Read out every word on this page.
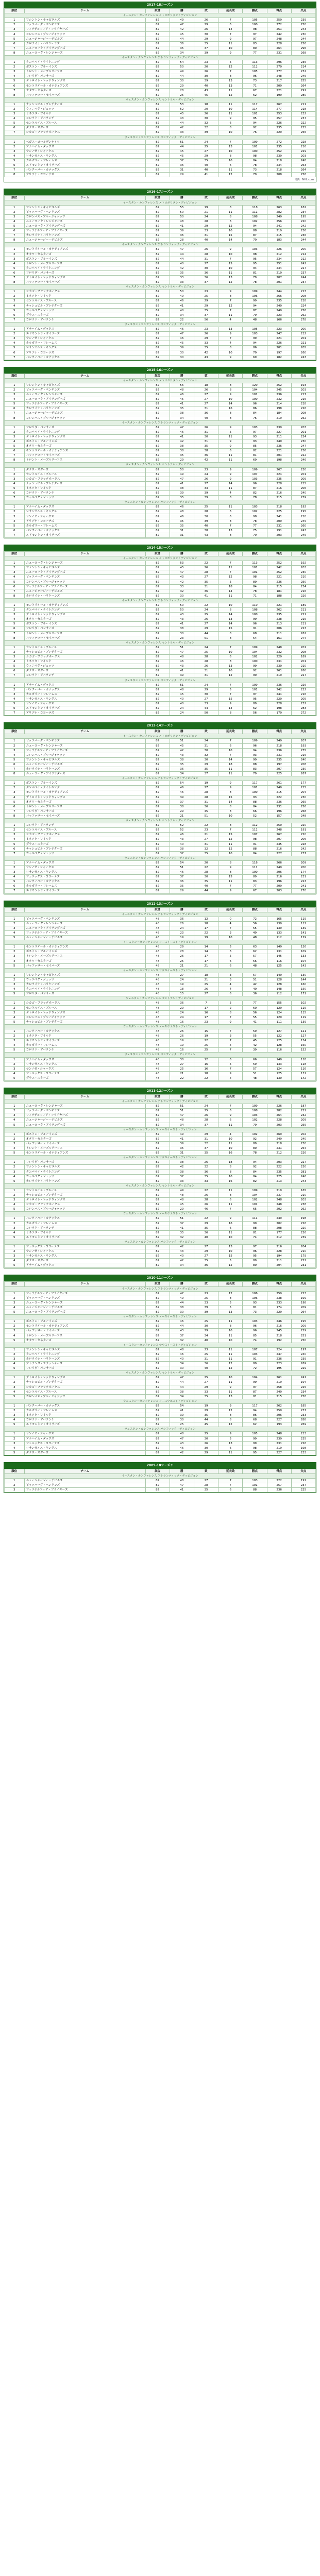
2017-18シーズン
順位	チーム	試合	勝	敗	延長敗	勝点	得点	失点
イースタン・カンファレンス メトロポリタン・ディビジョン								
1	ワシントン・キャピタルズ	82	49	26	7	105	259	239
2	ピッツバーグ・ペンギンズ	82	47	29	6	100	272	250
3	フィラデルフィア・フライヤーズ	82	42	26	14	98	251	243
4	コロンバス・ブルージャケッツ	82	45	30	7	97	242	230
5	ニュージャージー・デビルズ	82	44	29	9	97	248	244
6	カロライナ・ハリケーンズ	82	36	35	11	83	228	256
7	ニューヨーク・アイランダーズ	82	35	37	10	80	264	296
8	ニューヨーク・レンジャーズ	82	34	39	9	77	231	268
イースタン・カンファレンス アトランティック・ディビジョン								
1	タンパベイ・ライトニング	82	54	23	5	113	296	236
2	ボストン・ブルーインズ	82	50	20	12	112	270	214
3	トロント・メープルリーフス	82	49	26	7	105	277	232
4	フロリダ・パンサーズ	82	44	30	8	96	248	246
5	デトロイト・レッドウィングス	82	30	39	13	73	217	255
6	モントリオール・カナディアンズ	82	29	40	13	71	209	264
7	オタワ・セネターズ	82	28	43	11	67	221	291
8	バッファロー・セイバーズ	82	25	45	12	62	199	280
ウェスタン・カンファレンス セントラル・ディビジョン								
1	ナッシュビル・プレデターズ	82	53	18	11	117	267	211
2	ウィニペグ・ジェッツ	82	52	20	10	114	277	218
3	ミネソタ・ワイルド	82	45	26	11	101	253	232
4	コロラド・アバランチ	82	43	30	9	95	257	237
5	セントルイス・ブルース	82	44	32	6	94	226	222
6	ダラス・スターズ	82	42	32	8	92	235	225
7	シカゴ・ブラックホークス	82	33	39	10	76	229	256
ウェスタン・カンファレンス パシフィック・ディビジョン								
1	ベガス・ゴールデンナイツ	82	51	24	7	109	272	228
2	アナハイム・ダックス	82	44	25	13	101	235	216
3	サンノゼ・シャークス	82	45	27	10	100	252	229
4	ロサンゼルス・キングス	82	45	29	8	98	239	203
5	カルガリー・フレームス	82	37	35	10	84	218	248
6	エドモントン・オイラーズ	82	36	40	6	78	234	263
7	バンクーバー・カナックス	82	31	40	11	73	218	264
8	アリゾナ・コヨーテズ	82	29	41	12	70	208	256
出典：NHL.com
2016-17シーズン
順位	チーム	試合	勝	敗	延長敗	勝点	得点	失点
イースタン・カンファレンス メトロポリタン・ディビジョン								
1	ワシントン・キャピタルズ	82	55	19	8	118	263	182
2	ピッツバーグ・ペンギンズ	82	50	21	11	111	282	234
3	コロンバス・ブルージャケッツ	82	50	24	8	108	249	195
4	ニューヨーク・レンジャーズ	82	48	28	6	102	256	220
5	ニューヨーク・アイランダーズ	82	41	29	12	94	241	242
6	フィラデルフィア・フライヤーズ	82	39	33	10	88	219	236
7	カロライナ・ハリケーンズ	82	36	31	15	87	215	236
8	ニュージャージー・デビルズ	82	28	40	14	70	183	244
イースタン・カンファレンス アトランティック・ディビジョン								
1	モントリオール・カナディアンズ	82	47	26	9	103	226	200
2	オタワ・セネターズ	82	44	28	10	98	212	214
3	ボストン・ブルーインズ	82	44	31	7	95	234	212
4	トロント・メープルリーフス	82	40	27	15	95	251	242
5	タンパベイ・ライトニング	82	42	30	10	94	234	227
6	フロリダ・パンサーズ	82	35	36	11	81	210	237
7	デトロイト・レッドウィングス	82	33	36	13	79	207	244
8	バッファロー・セイバーズ	82	33	37	12	78	201	237
ウェスタン・カンファレンス セントラル・ディビジョン								
1	シカゴ・ブラックホークス	82	50	23	9	109	244	213
2	ミネソタ・ワイルド	82	49	25	8	106	266	208
3	セントルイス・ブルース	82	46	29	7	99	235	218
4	ナッシュビル・プレデターズ	82	41	29	12	94	240	224
5	ウィニペグ・ジェッツ	82	40	35	7	87	249	256
6	ダラス・スターズ	82	34	37	11	79	223	262
7	コロラド・アバランチ	82	22	56	4	48	166	278
ウェスタン・カンファレンス パシフィック・ディビジョン								
1	アナハイム・ダックス	82	46	23	13	105	223	200
2	エドモントン・オイラーズ	82	47	26	9	103	247	212
3	サンノゼ・シャークス	82	46	29	7	99	221	201
4	カルガリー・フレームス	82	45	33	4	94	226	221
5	ロサンゼルス・キングス	82	39	35	8	86	201	205
6	アリゾナ・コヨーテズ	82	30	42	10	70	197	260
7	バンクーバー・カナックス	82	30	43	9	69	182	243
2015-16シーズン
順位	チーム	試合	勝	敗	延長敗	勝点	得点	失点
イースタン・カンファレンス メトロポリタン・ディビジョン								
1	ワシントン・キャピタルズ	82	56	18	8	120	252	193
2	ピッツバーグ・ペンギンズ	82	48	26	8	104	245	203
3	ニューヨーク・レンジャーズ	82	46	27	9	101	236	217
4	ニューヨーク・アイランダーズ	82	45	27	10	100	232	216
5	フィラデルフィア・フライヤーズ	82	41	27	14	96	214	218
6	カロライナ・ハリケーンズ	82	35	31	16	86	198	226
7	ニュージャージー・デビルズ	82	38	36	8	84	184	208
8	コロンバス・ブルージャケッツ	82	34	40	8	76	219	252
イースタン・カンファレンス アトランティック・ディビジョン								
1	フロリダ・パンサーズ	82	47	26	9	103	239	203
2	タンパベイ・ライトニング	82	46	31	5	97	227	201
3	デトロイト・レッドウィングス	82	41	30	11	93	211	224
4	ボストン・ブルーインズ	82	42	31	9	93	240	230
5	オタワ・セネターズ	82	38	35	9	85	236	247
6	モントリオール・カナディアンズ	82	38	38	6	82	221	236
7	バッファロー・セイバーズ	82	35	36	11	81	201	222
8	トロント・メープルリーフス	82	29	42	11	69	198	246
ウェスタン・カンファレンス セントラル・ディビジョン								
1	ダラス・スターズ	82	50	23	9	109	267	230
2	セントルイス・ブルース	82	49	24	9	107	224	201
3	シカゴ・ブラックホークス	82	47	26	9	103	235	209
4	ナッシュビル・プレデターズ	82	41	27	14	96	228	215
5	ミネソタ・ワイルド	82	38	33	11	87	216	206
6	コロラド・アバランチ	82	39	39	4	82	216	240
7	ウィニペグ・ジェッツ	82	35	39	8	78	215	239
ウェスタン・カンファレンス パシフィック・ディビジョン								
1	アナハイム・ダックス	82	46	25	11	103	218	192
2	ロサンゼルス・キングス	82	48	28	6	102	225	195
3	サンノゼ・シャークス	82	46	30	6	98	241	210
4	アリゾナ・コヨーテズ	82	35	39	8	78	209	245
5	カルガリー・フレームス	82	35	40	7	77	231	260
6	バンクーバー・カナックス	82	31	38	13	75	191	243
7	エドモントン・オイラーズ	82	31	43	8	70	203	245
2014-15シーズン
順位	チーム	試合	勝	敗	延長敗	勝点	得点	失点
イースタン・カンファレンス メトロポリタン・ディビジョン								
1	ニューヨーク・レンジャーズ	82	53	22	7	113	252	192
2	ワシントン・キャピタルズ	82	45	26	11	101	242	203
3	ニューヨーク・アイランダーズ	82	47	28	7	101	252	230
4	ピッツバーグ・ペンギンズ	82	43	27	12	98	221	210
5	コロンバス・ブルージャケッツ	82	42	35	5	89	236	250
6	フィラデルフィア・フライヤーズ	82	33	31	18	84	215	234
7	ニュージャージー・デビルズ	82	32	36	14	78	181	216
8	カロライナ・ハリケーンズ	82	30	41	11	71	188	226
イースタン・カンファレンス アトランティック・ディビジョン								
1	モントリオール・カナディアンズ	82	50	22	10	110	221	189
2	タンパベイ・ライトニング	82	50	24	8	108	262	211
3	デトロイト・レッドウィングス	82	43	25	14	100	235	221
4	オタワ・セネターズ	82	43	26	13	99	238	215
5	ボストン・ブルーインズ	82	41	27	14	96	213	211
6	フロリダ・パンサーズ	82	38	29	15	91	206	223
7	トロント・メープルリーフス	82	30	44	8	68	211	262
8	バッファロー・セイバーズ	82	23	51	8	54	161	274
ウェスタン・カンファレンス セントラル・ディビジョン								
1	セントルイス・ブルース	82	51	24	7	109	248	201
2	ナッシュビル・プレデターズ	82	47	25	10	104	232	208
3	シカゴ・ブラックホークス	82	48	28	6	102	229	189
4	ミネソタ・ワイルド	82	46	28	8	100	231	201
5	ウィニペグ・ジェッツ	82	43	26	13	99	230	210
6	ダラス・スターズ	82	41	31	10	92	261	260
7	コロラド・アバランチ	82	39	31	12	90	219	227
ウェスタン・カンファレンス パシフィック・ディビジョン								
1	アナハイム・ダックス	82	51	24	7	109	236	226
2	バンクーバー・カナックス	82	48	29	5	101	242	222
3	カルガリー・フレームス	82	45	30	7	97	241	216
4	ロサンゼルス・キングス	82	40	27	15	95	220	205
5	サンノゼ・シャークス	82	40	33	9	89	228	232
6	エドモントン・オイラーズ	82	24	44	14	62	198	283
7	アリゾナ・コヨーテズ	82	24	50	8	56	170	272
2013-14シーズン
順位	チーム	試合	勝	敗	延長敗	勝点	得点	失点
イースタン・カンファレンス メトロポリタン・ディビジョン								
1	ピッツバーグ・ペンギンズ	82	51	24	7	109	249	207
2	ニューヨーク・レンジャーズ	82	45	31	6	96	218	193
3	フィラデルフィア・フライヤーズ	82	42	30	10	94	236	235
4	コロンバス・ブルージャケッツ	82	43	32	7	93	231	216
5	ワシントン・キャピタルズ	82	38	30	14	90	235	240
6	ニュージャージー・デビルズ	82	35	29	18	88	197	208
7	カロライナ・ハリケーンズ	82	36	35	11	83	207	230
8	ニューヨーク・アイランダーズ	82	34	37	11	79	225	267
イースタン・カンファレンス アトランティック・ディビジョン								
1	ボストン・ブルーインズ	82	54	19	9	117	261	177
2	タンパベイ・ライトニング	82	46	27	9	101	240	215
3	モントリオール・カナディアンズ	82	46	28	8	100	215	204
4	デトロイト・レッドウィングス	82	39	28	15	93	222	230
5	オタワ・セネターズ	82	37	31	14	88	236	265
6	トロント・メープルリーフス	82	38	36	8	84	231	256
7	フロリダ・パンサーズ	82	29	45	8	66	196	268
8	バッファロー・セイバーズ	82	21	51	10	52	157	248
ウェスタン・カンファレンス セントラル・ディビジョン								
1	コロラド・アバランチ	82	52	22	8	112	250	220
2	セントルイス・ブルース	82	52	23	7	111	248	191
3	シカゴ・ブラックホークス	82	46	21	15	107	267	220
4	ミネソタ・ワイルド	82	43	27	12	98	207	206
5	ダラス・スターズ	82	40	31	11	91	235	228
6	ナッシュビル・プレデターズ	82	38	32	12	88	216	242
7	ウィニペグ・ジェッツ	82	37	35	10	84	227	237
ウェスタン・カンファレンス パシフィック・ディビジョン								
1	アナハイム・ダックス	82	54	20	8	116	266	209
2	サンノゼ・シャークス	82	51	22	9	111	249	200
3	ロサンゼルス・キングス	82	46	28	8	100	206	174
4	フェニックス・コヨーテズ	82	37	30	15	89	216	231
5	バンクーバー・カナックス	82	36	35	11	83	196	223
6	カルガリー・フレームス	82	35	40	7	77	209	241
7	エドモントン・オイラーズ	82	29	44	9	67	203	270
2012-13シーズン
順位	チーム	試合	勝	敗	延長敗	勝点	得点	失点
イースタン・カンファレンス アトランティック・ディビジョン								
1	ピッツバーグ・ペンギンズ	48	36	12	0	72	165	119
2	ニューヨーク・レンジャーズ	48	26	18	4	56	130	112
3	ニューヨーク・アイランダーズ	48	24	17	7	55	139	139
4	フィラデルフィア・フライヤーズ	48	23	22	3	49	133	141
5	ニュージャージー・デビルズ	48	19	19	10	48	112	129
イースタン・カンファレンス ノースイースト・ディビジョン								
1	モントリオール・カナディアンズ	48	29	14	5	63	149	126
2	ボストン・ブルーインズ	48	28	14	6	62	131	109
3	トロント・メープルリーフス	48	26	17	5	57	145	133
4	オタワ・セネターズ	48	25	17	6	56	116	104
5	バッファロー・セイバーズ	48	21	21	6	48	125	143
イースタン・カンファレンス サウスイースト・ディビジョン								
1	ワシントン・キャピタルズ	48	27	18	3	57	149	130
2	ウィニペグ・ジェッツ	48	24	21	3	51	128	144
3	カロライナ・ハリケーンズ	48	19	25	4	42	128	160
4	タンパベイ・ライトニング	48	18	26	4	40	148	150
5	フロリダ・パンサーズ	48	15	27	6	36	112	171
ウェスタン・カンファレンス セントラル・ディビジョン								
1	シカゴ・ブラックホークス	48	36	7	5	77	155	102
2	セントルイス・ブルース	48	29	17	2	60	129	115
3	デトロイト・レッドウィングス	48	24	16	8	56	124	115
4	コロンバス・ブルージャケッツ	48	24	17	7	55	120	119
5	ナッシュビル・プレデターズ	48	16	23	9	41	111	139
ウェスタン・カンファレンス ノースウエスト・ディビジョン								
1	バンクーバー・カナックス	48	26	15	7	59	127	121
2	ミネソタ・ワイルド	48	26	19	3	55	122	127
3	エドモントン・オイラーズ	48	19	22	7	45	125	134
4	カルガリー・フレームス	48	19	25	4	42	128	160
5	コロラド・アバランチ	48	16	25	7	39	116	152
ウェスタン・カンファレンス パシフィック・ディビジョン								
1	アナハイム・ダックス	48	30	12	6	66	140	118
2	ロサンゼルス・キングス	48	27	16	5	59	133	118
3	サンノゼ・シャークス	48	25	16	7	57	124	116
4	フェニックス・コヨーテズ	48	21	18	9	51	125	131
5	ダラス・スターズ	48	22	22	4	48	130	142
2011-12シーズン
順位	チーム	試合	勝	敗	延長敗	勝点	得点	失点
イースタン・カンファレンス アトランティック・ディビジョン								
1	ニューヨーク・レンジャーズ	82	51	24	7	109	226	187
2	ピッツバーグ・ペンギンズ	82	51	25	6	108	282	221
3	フィラデルフィア・フライヤーズ	82	47	26	9	103	264	232
4	ニュージャージー・デビルズ	82	48	28	6	102	228	209
5	ニューヨーク・アイランダーズ	82	34	37	11	79	203	255
イースタン・カンファレンス ノースイースト・ディビジョン								
1	ボストン・ブルーインズ	82	49	29	4	102	269	202
2	オタワ・セネターズ	82	41	31	10	92	249	240
3	バッファロー・セイバーズ	82	39	32	11	89	218	230
4	トロント・メープルリーフス	82	35	37	10	80	231	264
5	モントリオール・カナディアンズ	82	31	35	16	78	212	226
イースタン・カンファレンス サウスイースト・ディビジョン								
1	フロリダ・パンサーズ	82	38	26	18	94	203	227
2	ワシントン・キャピタルズ	82	42	32	8	92	222	230
3	タンパベイ・ライトニング	82	38	36	8	84	235	281
4	ウィニペグ・ジェッツ	82	37	35	10	84	225	246
5	カロライナ・ハリケーンズ	82	33	33	16	82	213	243
ウェスタン・カンファレンス セントラル・ディビジョン								
1	セントルイス・ブルース	82	49	22	11	109	210	165
2	ナッシュビル・プレデターズ	82	48	26	8	104	237	210
3	デトロイト・レッドウィングス	82	48	28	6	102	248	203
4	シカゴ・ブラックホークス	82	45	26	11	101	248	238
5	コロンバス・ブルージャケッツ	82	29	46	7	65	202	262
ウェスタン・カンファレンス ノースウエスト・ディビジョン								
1	バンクーバー・カナックス	82	51	22	9	111	249	198
2	カルガリー・フレームス	82	37	29	16	90	202	226
3	コロラド・アバランチ	82	41	35	6	88	208	220
4	ミネソタ・ワイルド	82	35	36	11	81	177	226
5	エドモントン・オイラーズ	82	32	40	10	74	212	239
ウェスタン・カンファレンス パシフィック・ディビジョン								
1	フェニックス・コヨーテズ	82	42	27	13	97	216	204
2	サンノゼ・シャークス	82	43	29	10	96	228	210
3	ロサンゼルス・キングス	82	40	27	15	95	194	179
4	ダラス・スターズ	82	42	35	5	89	211	222
5	アナハイム・ダックス	82	34	36	12	80	204	231
2010-11シーズン
順位	チーム	試合	勝	敗	延長敗	勝点	得点	失点
イースタン・カンファレンス アトランティック・ディビジョン								
1	フィラデルフィア・フライヤーズ	82	47	23	12	106	259	223
2	ピッツバーグ・ペンギンズ	82	49	25	8	106	238	199
3	ニューヨーク・レンジャーズ	82	44	33	5	93	233	198
4	ニュージャージー・デビルズ	82	38	39	5	81	174	209
5	ニューヨーク・アイランダーズ	82	30	39	13	73	229	264
イースタン・カンファレンス ノースイースト・ディビジョン								
1	ボストン・ブルーインズ	82	46	25	11	103	246	195
2	モントリオール・カナディアンズ	82	44	30	8	96	216	209
3	バッファロー・セイバーズ	82	43	29	10	96	245	229
4	トロント・メープルリーフス	82	37	34	11	85	218	251
5	オタワ・セネターズ	82	32	40	10	74	192	250
イースタン・カンファレンス サウスイースト・ディビジョン								
1	ワシントン・キャピタルズ	82	48	23	11	107	224	197
2	タンパベイ・ライトニング	82	46	25	11	103	247	240
3	カロライナ・ハリケーンズ	82	40	31	11	91	236	239
4	アトランタ・スラッシャーズ	82	34	36	12	80	223	269
5	フロリダ・パンサーズ	82	30	40	12	72	195	229
ウェスタン・カンファレンス セントラル・ディビジョン								
1	デトロイト・レッドウィングス	82	47	25	10	104	261	241
2	ナッシュビル・プレデターズ	82	44	27	11	99	219	194
3	シカゴ・ブラックホークス	82	44	29	9	97	258	225
4	セントルイス・ブルース	82	38	33	11	87	240	234
5	コロンバス・ブルージャケッツ	82	34	35	13	81	215	258
ウェスタン・カンファレンス ノースウエスト・ディビジョン								
1	バンクーバー・カナックス	82	54	19	9	117	262	185
2	カルガリー・フレームス	82	41	29	12	94	250	237
3	ミネソタ・ワイルド	82	39	35	8	86	206	233
4	コロラド・アバランチ	82	30	44	8	68	227	288
5	エドモントン・オイラーズ	82	25	45	12	62	193	269
ウェスタン・カンファレンス パシフィック・ディビジョン								
1	サンノゼ・シャークス	82	48	25	9	105	248	213
2	アナハイム・ダックス	82	47	30	5	99	239	235
3	フェニックス・コヨーテズ	82	43	26	13	99	231	226
4	ロサンゼルス・キングス	82	46	30	6	98	219	198
5	ダラス・スターズ	82	42	29	11	95	227	233
2009-10シーズン
順位	チーム	試合	勝	敗	延長敗	勝点	得点	失点
イースタン・カンファレンス アトランティック・ディビジョン								
1	ニュージャージー・デビルズ	82	48	27	7	103	222	191
2	ピッツバーグ・ペンギンズ	82	47	28	7	101	257	237
3	フィラデルフィア・フライヤーズ	82	41	35	6	88	236	225
